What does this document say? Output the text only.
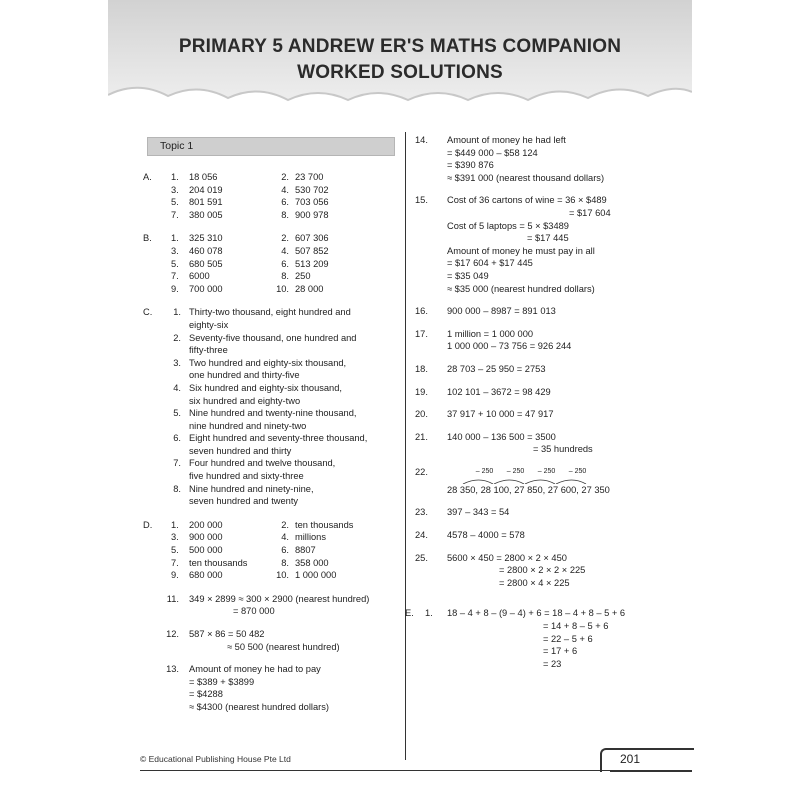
PRIMARY 5 ANDREW ER'S MATHS COMPANION
WORKED SOLUTIONS
Topic 1
A. 1.	18 056	2. 23 700
3.	204 019	4. 530 702
5.	801 591	6. 703 056
7.	380 005	8. 900 978
B. 1.	325 310	2. 607 306
3.	460 078	4. 507 852
5.	680 505	6. 513 209
7.	6000	8. 250
9.	700 000	10. 28 000
C.	1. Thirty-two thousand, eight hundred and
eighty-six
2. Seventy-five thousand, one hundred and
fifty-three
3. Two hundred and eighty-six thousand,
one hundred and thirty-five
4. Six hundred and eighty-six thousand,
six hundred and eighty-two
5. Nine hundred and twenty-nine thousand,
nine hundred and ninety-two
6. Eight hundred and seventy-three thousand,
seven hundred and thirty
7. Four hundred and twelve thousand,
five hundred and sixty-three
8. Nine hundred and ninety-nine,
seven hundred and twenty
D. 1.	200 000	2. ten thousands
3.	900 000	4. millions
5.	500 000	6. 8807
7.	ten thousands	8. 358 000
9.	680 000	10. 1 000 000
11.	349 × 2899 ≈ 300 × 2900 (nearest hundred)
= 870 000
12.	587 × 86 = 50 482
≈ 50 500 (nearest hundred)
13.	Amount of money he had to pay
= $389 + $3899
= $4288
≈ $4300 (nearest hundred dollars)
14.	Amount of money he had left
= $449 000 – $58 124
= $390 876
≈ $391 000 (nearest thousand dollars)
15.	Cost of 36 cartons of wine = 36 × $489
= $17 604
Cost of 5 laptops = 5 × $3489
= $17 445
Amount of money he must pay in all
= $17 604 + $17 445
= $35 049
≈ $35 000 (nearest hundred dollars)
16.	900 000 – 8987 = 891 013
17.	1 million = 1 000 000
1 000 000 – 73 756 = 926 244
18.	28 703 – 25 950 = 2753
19.	102 101 – 3672 = 98 429
20.	37 917 + 10 000 = 47 917
21.	140 000 – 136 500 = 3500
= 35 hundreds
22.	– 250	– 250	– 250	– 250
28 350, 28 100, 27 850, 27 600, 27 350
23.	397 – 343 = 54
24.	4578 – 4000 = 578
25.	5600 × 450 = 2800 × 2 × 450
= 2800 × 2 × 2 × 225
= 2800 × 4 × 225
E.	1.	18 – 4 + 8 – (9 – 4) + 6 = 18 – 4 + 8 – 5 + 6
= 14 + 8 – 5 + 6
= 22 – 5 + 6
= 17 + 6
= 23
© Educational Publishing House Pte Ltd	201
